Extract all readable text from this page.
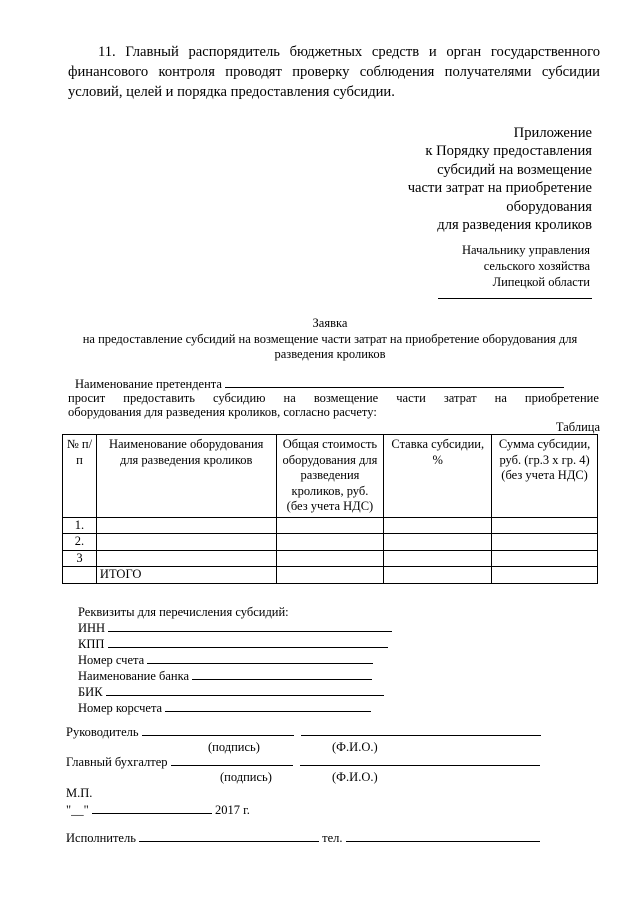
11. Главный распорядитель бюджетных средств и орган государственного финансового контроля проводят проверку соблюдения получателями субсидии условий, целей и порядка предоставления субсидии.
Приложение
к Порядку предоставления
субсидий на возмещение
части затрат на приобретение
оборудования
для разведения кроликов
Начальнику управления
сельского хозяйства
Липецкой области
Заявка
на предоставление субсидий на возмещение части затрат на приобретение оборудования для разведения кроликов
Наименование претендента
просит предоставить субсидию на возмещение части затрат на приобретение
оборудования для разведения кроликов, согласно расчету:
Таблица
№ п/п	Наименование оборудования для разведения кроликов	Общая стоимость оборудования для разведения кроликов, руб. (без учета НДС)	Ставка субсидии, %	Сумма субсидии, руб. (гр.3 x гр. 4) (без учета НДС)
1.				
2.				
3				
	ИТОГО			
Реквизиты для перечисления субсидий:
ИНН
КПП
Номер счета
Наименование банка
БИК
Номер корсчета
Руководитель
(подпись)	(Ф.И.О.)
Главный бухгалтер
(подпись)	(Ф.И.О.)
М.П.
"__"	2017 г.
Исполнитель	тел.
